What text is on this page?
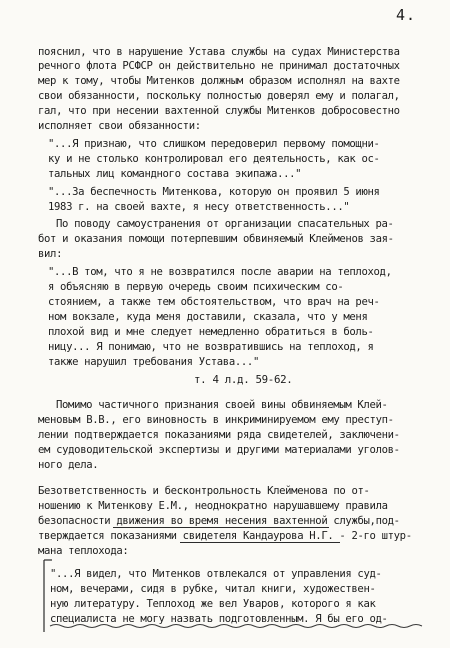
4.
пояснил, что в нарушение Устава службы на судах Министерства
речного флота РСФСР он действительно не принимал достаточных
мер к тому, чтобы Митенков должным образом исполнял на вахте
свои обязанности, поскольку полностью доверял ему и полагал,
гал, что при несении вахтенной службы Митенков добросовестно
исполняет свои обязанности:
"...Я признаю, что слишком передоверил первому помощни-
ку и не столько контролировал его деятельность, как ос-
тальных лиц командного состава экипажа..."
"...За беспечность Митенкова, которую он проявил 5 июня
1983 г. на своей вахте, я несу ответственность..."
По поводу самоустранения от организации спасательных ра-
бот и оказания помощи потерпевшим обвиняемый Клейменов зая-
вил:
"...В том, что я не возвратился после аварии на теплоход,
я объясняю в первую очередь своим психическим со-
стоянием, а также тем обстоятельством, что врач на реч-
ном вокзале, куда меня доставили, сказала, что у меня
плохой вид и мне следует немедленно обратиться в боль-
ницу... Я понимаю, что не возвратившись на теплоход, я
также нарушил требования Устава..."
т. 4 л.д. 59-62.
Помимо частичного признания своей вины обвиняемым Клей-
меновым В.В., его виновность в инкриминируемом ему преступ-
лении подтверждается показаниями ряда свидетелей, заключени-
ем судоводительской экспертизы и другими материалами уголов-
ного дела.
Безответственность и бесконтрольность Клейменова по от-
ношению к Митенкову Е.М., неоднократно нарушавшему правила
безопасности движения во время несения вахтенной службы,под-
тверждается показаниями свидетеля Кандаурова Н.Г. - 2-го штур-
мана теплохода:
"...Я видел, что Митенков отвлекался от управления суд-
ном, вечерами, сидя в рубке, читал книги, художествен-
ную литературу. Теплоход же вел Уваров, которого я как
специалиста не могу назвать подготовленным. Я бы его од-
